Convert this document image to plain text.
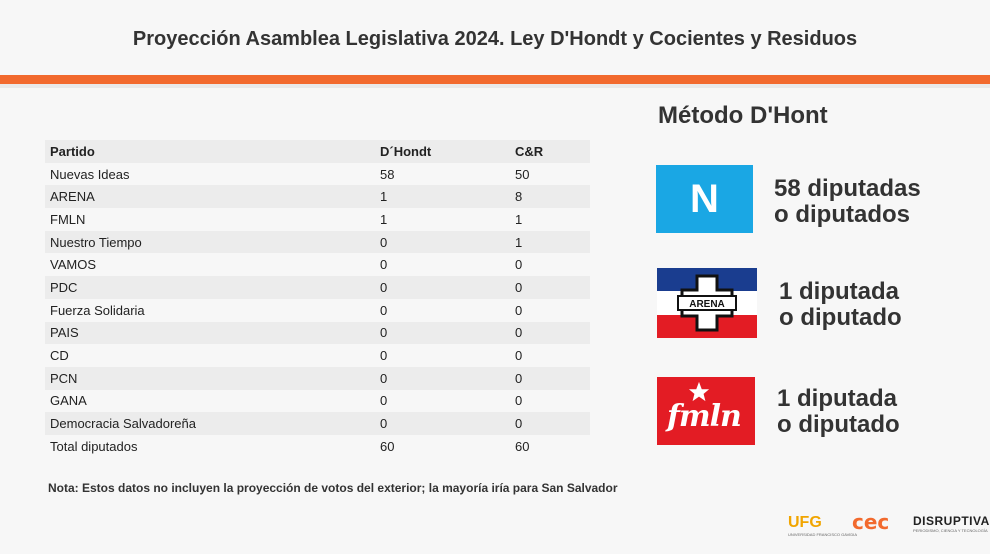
Proyección Asamblea Legislativa 2024. Ley D'Hondt y Cocientes y Residuos
Partido	D´Hondt	C&R
Nuevas Ideas	58	50
ARENA	1	8
FMLN	1	1
Nuestro Tiempo	0	1
VAMOS	0	0
PDC	0	0
Fuerza Solidaria	0	0
PAIS	0	0
CD	0	0
PCN	0	0
GANA	0	0
Democracia Salvadoreña	0	0
Total diputados	60	60
Nota: Estos datos no incluyen la proyección de votos del exterior; la mayoría iría para San Salvador
Método D'Hont
N	58 diputadas
o diputados
ARENA 1 diputada
o diputado
fmln
1 diputada
o diputado
UFG
UNIVERSIDAD FRANCISCO GAVIDIA
cec DISRUPTIVA
PERIODISMO, CIENCIA Y TECNOLOGÍA
